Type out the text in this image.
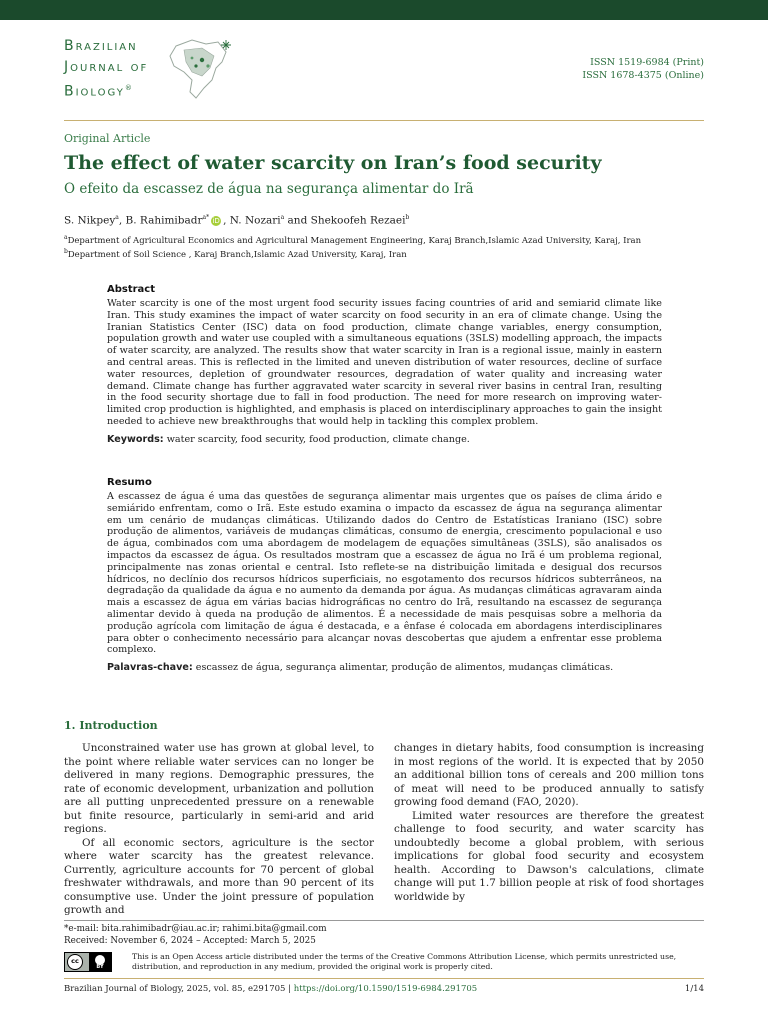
Brazilian
Journal of
Biology®
ISSN 1519-6984 (Print)
ISSN 1678-4375 (Online)
Original Article
The effect of water scarcity on Iran’s food security
O efeito da escassez de água na segurança alimentar do Irã
S. Nikpey$^a$, B. Rahimibadr$^{a*}$ iD , N. Nozari$^a$ and Shekoofeh Rezaei$^b$
$^a$Department of Agricultural Economics and Agricultural Management Engineering, Karaj Branch,Islamic Azad University, Karaj, Iran
$^b$Department of Soil Science , Karaj Branch,Islamic Azad University, Karaj, Iran
Abstract

Water scarcity is one of the most urgent food security issues facing countries of arid and semiarid climate like Iran. This study examines the impact of water scarcity on food security in an era of climate change. Using the Iranian Statistics Center (ISC) data on food production, climate change variables, energy consumption, population growth and water use coupled with a simultaneous equations (3SLS) modelling approach, the impacts of water scarcity, are analyzed. The results show that water scarcity in Iran is a regional issue, mainly in eastern and central areas. This is reflected in the limited and uneven distribution of water resources, decline of surface water resources, depletion of groundwater resources, degradation of water quality and increasing water demand. Climate change has further aggravated water scarcity in several river basins in central Iran, resulting in the food security shortage due to fall in food production. The need for more research on improving water-limited crop production is highlighted, and emphasis is placed on interdisciplinary approaches to gain the insight needed to achieve new breakthroughs that would help in tackling this complex problem.

Keywords: water scarcity, food security, food production, climate change.
Resumo

A escassez de água é uma das questões de segurança alimentar mais urgentes que os países de clima árido e semiárido enfrentam, como o Irã. Este estudo examina o impacto da escassez de água na segurança alimentar em um cenário de mudanças climáticas. Utilizando dados do Centro de Estatísticas Iraniano (ISC) sobre produção de alimentos, variáveis de mudanças climáticas, consumo de energia, crescimento populacional e uso de água, combinados com uma abordagem de modelagem de equações simultâneas (3SLS), são analisados os impactos da escassez de água. Os resultados mostram que a escassez de água no Irã é um problema regional, principalmente nas zonas oriental e central. Isto reflete-se na distribuição limitada e desigual dos recursos hídricos, no declínio dos recursos hídricos superficiais, no esgotamento dos recursos hídricos subterrâneos, na degradação da qualidade da água e no aumento da demanda por água. As mudanças climáticas agravaram ainda mais a escassez de água em várias bacias hidrográficas no centro do Irã, resultando na escassez de segurança alimentar devido à queda na produção de alimentos. É a necessidade de mais pesquisas sobre a melhoria da produção agrícola com limitação de água é destacada, e a ênfase é colocada em abordagens interdisciplinares para obter o conhecimento necessário para alcançar novas descobertas que ajudem a enfrentar esse problema complexo.

Palavras-chave: escassez de água, segurança alimentar, produção de alimentos, mudanças climáticas.
1. Introduction

Unconstrained water use has grown at global level, to the point where reliable water services can no longer be delivered in many regions. Demographic pressures, the rate of economic development, urbanization and pollution are all putting unprecedented pressure on a renewable but finite resource, particularly in semi-arid and arid regions.

Of all economic sectors, agriculture is the sector where water scarcity has the greatest relevance. Currently, agriculture accounts for 70 percent of global freshwater withdrawals, and more than 90 percent of its consumptive use. Under the joint pressure of population growth and

changes in dietary habits, food consumption is increasing in most regions of the world. It is expected that by 2050 an additional billion tons of cereals and 200 million tons of meat will need to be produced annually to satisfy growing food demand (FAO, 2020).

Limited water resources are therefore the greatest challenge to food security, and water scarcity has undoubtedly become a global problem, with serious implications for global food security and ecosystem health. According to Dawson's calculations, climate change will put 1.7 billion people at risk of food shortages worldwide by

*e-mail: bita.rahimibadr@iau.ac.ir; rahimi.bita@gmail.com
Received: November 6, 2024 – Accepted: March 5, 2025
cc
BY
This is an Open Access article distributed under the terms of the Creative Commons Attribution License, which permits unrestricted use, distribution, and reproduction in any medium, provided the original work is properly cited.
Brazilian Journal of Biology, 2025, vol. 85, e291705 | https://doi.org/10.1590/1519-6984.291705	1/14
